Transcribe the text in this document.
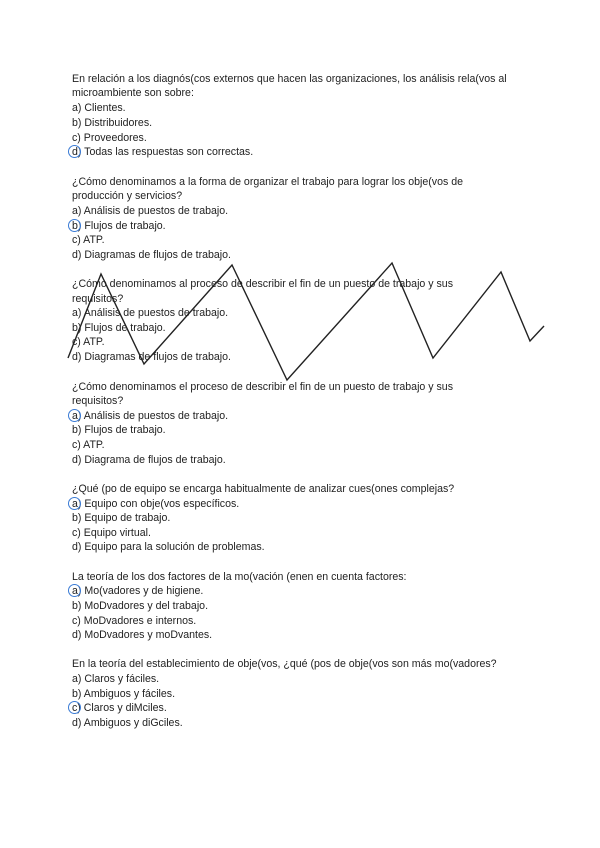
En relación a los diagnós(cos externos que hacen las organizaciones, los análisis rela(vos al
microambiente son sobre:
a) Clientes.
b) Distribuidores.
c) Proveedores.
d) Todas las respuestas son correctas.
¿Cómo denominamos a la forma de organizar el trabajo para lograr los obje(vos de
producción y servicios?
a) Análisis de puestos de trabajo.
b) Flujos de trabajo.
c) ATP.
d) Diagramas de flujos de trabajo.
¿Cómo denominamos al proceso de describir el fin de un puesto de trabajo y sus
requisitos?
a) Análisis de puestos de trabajo.
b) Flujos de trabajo.
c) ATP.
d) Diagramas de flujos de trabajo.
¿Cómo denominamos el proceso de describir el fin de un puesto de trabajo y sus
requisitos?
a) Análisis de puestos de trabajo.
b) Flujos de trabajo.
c) ATP.
d) Diagrama de flujos de trabajo.
¿Qué (po de equipo se encarga habitualmente de analizar cues(ones complejas?
a) Equipo con obje(vos específicos.
b) Equipo de trabajo.
c) Equipo virtual.
d) Equipo para la solución de problemas.
La teoría de los dos factores de la mo(vación (enen en cuenta factores:
a) Mo(vadores y de higiene.
b) MoDvadores y del trabajo.
c) MoDvadores e internos.
d) MoDvadores y moDvantes.
En la teoría del establecimiento de obje(vos, ¿qué (pos de obje(vos son más mo(vadores?
a) Claros y fáciles.
b) Ambiguos y fáciles.
c) Claros y diMciles.
d) Ambiguos y diGciles.
